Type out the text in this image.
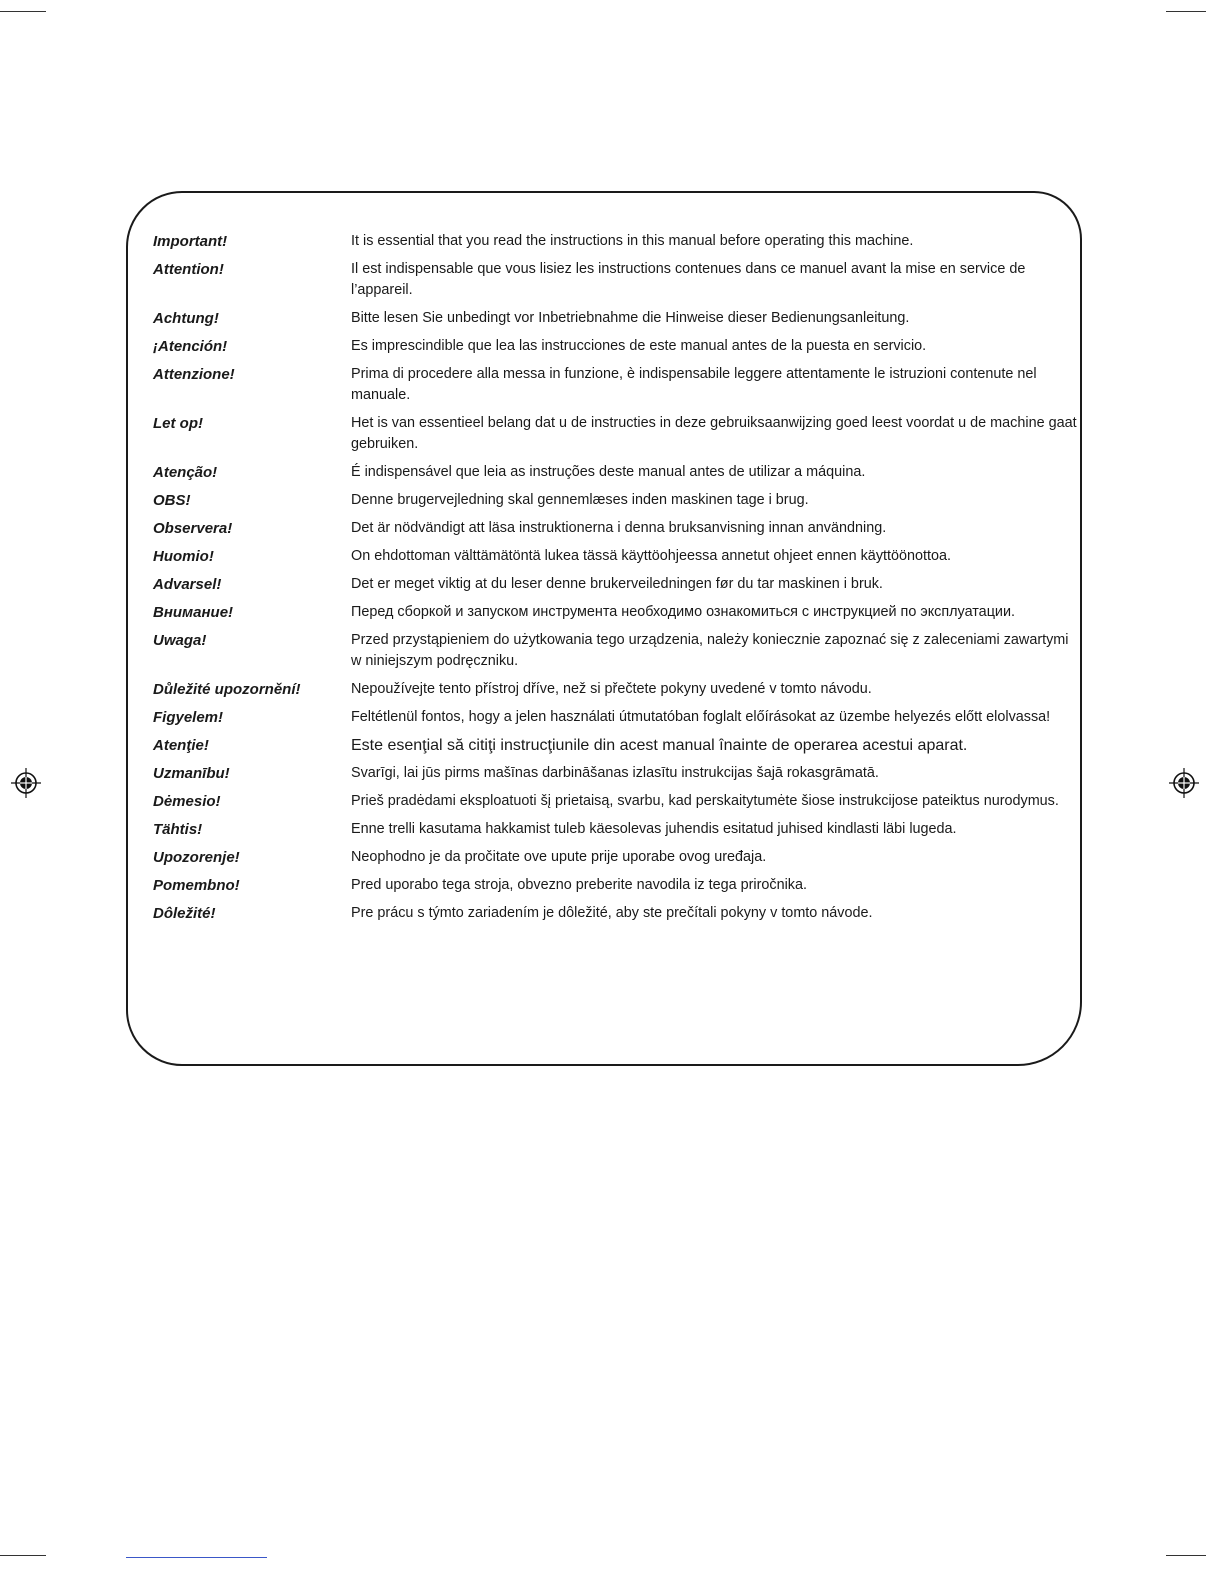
Important!	It is essential that you read the instructions in this manual before operating this machine.
Attention!	Il est indispensable que vous lisiez les instructions contenues dans ce manuel avant la mise en service de l’appareil.
Achtung!	Bitte lesen Sie unbedingt vor Inbetriebnahme die Hinweise dieser Bedienungsanleitung.
¡Atención!	Es imprescindible que lea las instrucciones de este manual antes de la puesta en servicio.
Attenzione!	Prima di procedere alla messa in funzione, è indispensabile leggere attentamente le istruzioni contenute nel manuale.
Let op!	Het is van essentieel belang dat u de instructies in deze gebruiksaanwijzing goed leest voordat u de machine gaat gebruiken.
Atenção!	É indispensável que leia as instruções deste manual antes de utilizar a máquina.
OBS!	Denne brugervejledning skal gennemlæses inden maskinen tage i brug.
Observera!	Det är nödvändigt att läsa instruktionerna i denna bruksanvisning innan användning.
Huomio!	On ehdottoman välttämätöntä lukea tässä käyttöohjeessa annetut ohjeet ennen käyttöönottoa.
Advarsel!	Det er meget viktig at du leser denne brukerveiledningen før du tar maskinen i bruk.
Внимание!	Перед сборкой и запуском инструмента необходимо ознакомиться с инструкцией по эксплуатации.
Uwaga!	Przed przystąpieniem do użytkowania tego urządzenia, należy koniecznie zapoznać się z zaleceniami zawartymi w niniejszym podręczniku.
Důležité upozornění!	Nepoužívejte tento přístroj dříve, než si přečtete pokyny uvedené v tomto návodu.
Figyelem!	Feltétlenül fontos, hogy a jelen használati útmutatóban foglalt előírásokat az üzembe helyezés előtt elolvassa!
Atenţie!	Este esenţial să citiţi instrucţiunile din acest manual înainte de operarea acestui aparat.
Uzmanību!	Svarīgi, lai jūs pirms mašīnas darbināšanas izlasītu instrukcijas šajā rokasgrāmatā.
Dėmesio!	Prieš pradėdami eksploatuoti šį prietaisą, svarbu, kad perskaitytumėte šiose instrukcijose pateiktus nurodymus.
Tähtis!	Enne trelli kasutama hakkamist tuleb käesolevas juhendis esitatud juhised kindlasti läbi lugeda.
Upozorenje!	Neophodno je da pročitate ove upute prije uporabe ovog uređaja.
Pomembno!	Pred uporabo tega stroja, obvezno preberite navodila iz tega priročnika.
Dôležité!	Pre prácu s týmto zariadením je dôležité, aby ste prečítali pokyny v tomto návode.
